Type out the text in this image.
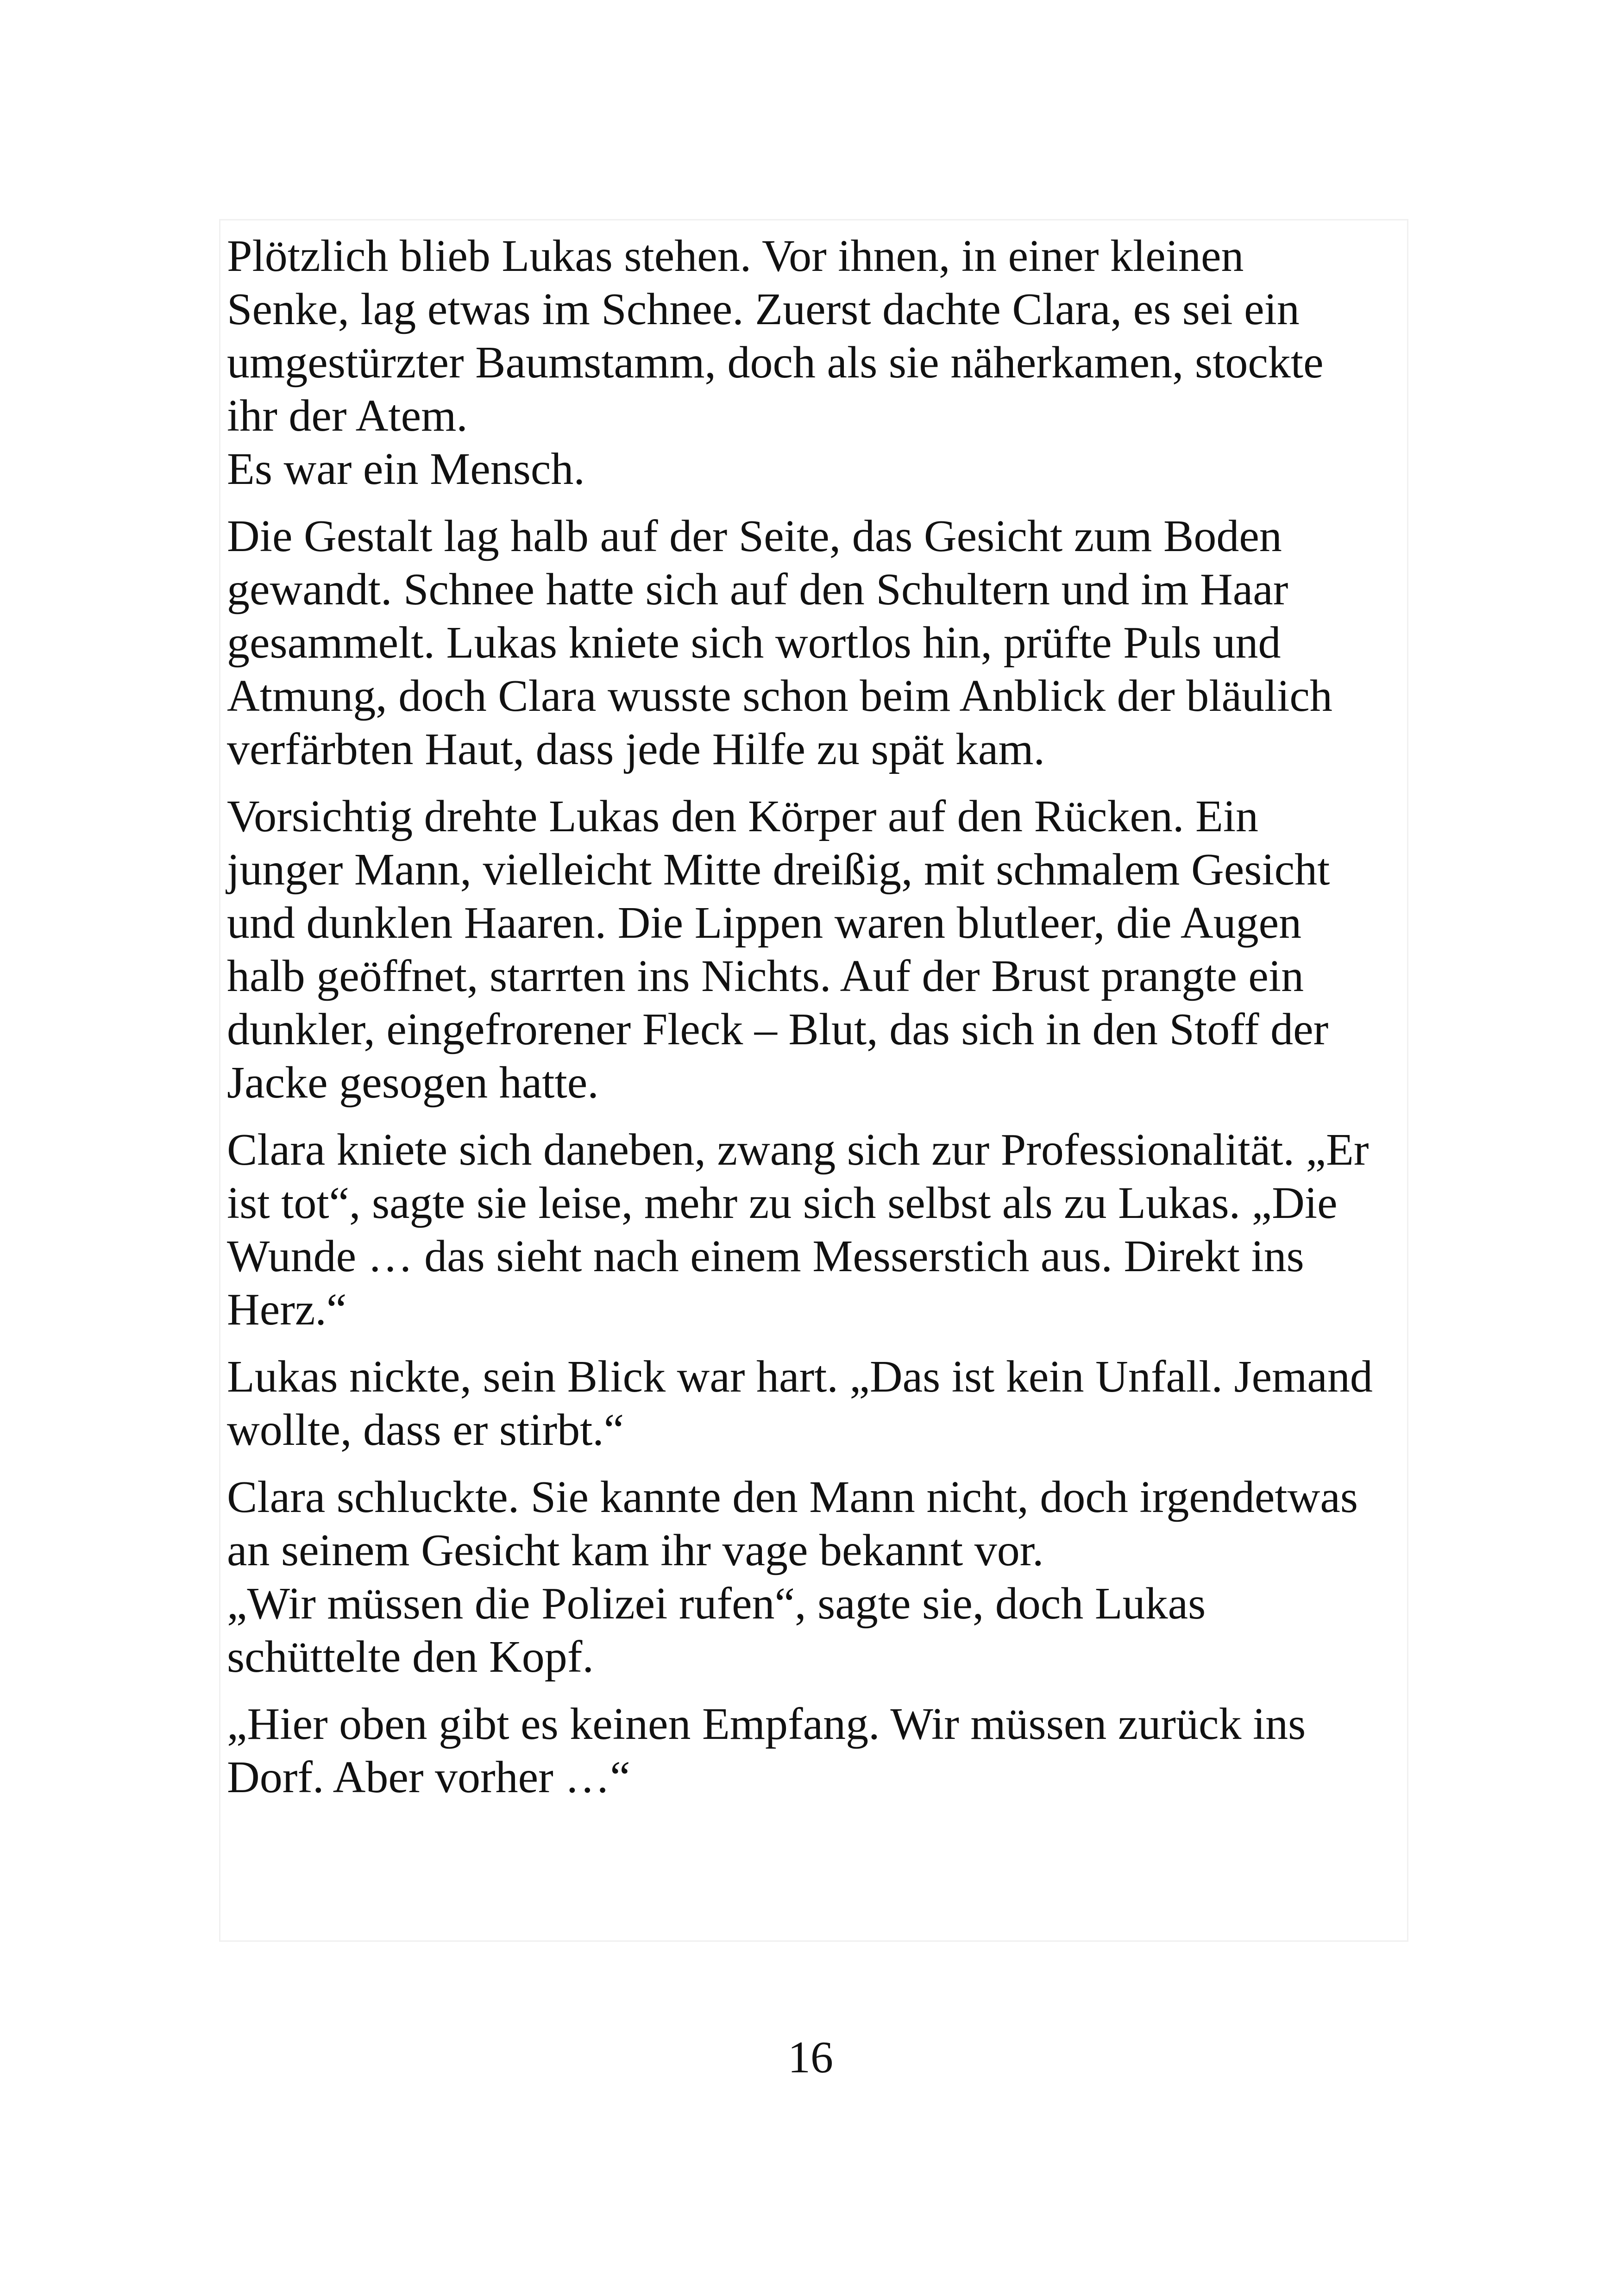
Plötzlich blieb Lukas stehen. Vor ihnen, in einer kleinen
Senke, lag etwas im Schnee. Zuerst dachte Clara, es sei ein
umgestürzter Baumstamm, doch als sie näherkamen, stockte
ihr der Atem.
Es war ein Mensch.

Die Gestalt lag halb auf der Seite, das Gesicht zum Boden
gewandt. Schnee hatte sich auf den Schultern und im Haar
gesammelt. Lukas kniete sich wortlos hin, prüfte Puls und
Atmung, doch Clara wusste schon beim Anblick der bläulich
verfärbten Haut, dass jede Hilfe zu spät kam.

Vorsichtig drehte Lukas den Körper auf den Rücken. Ein
junger Mann, vielleicht Mitte dreißig, mit schmalem Gesicht
und dunklen Haaren. Die Lippen waren blutleer, die Augen
halb geöffnet, starrten ins Nichts. Auf der Brust prangte ein
dunkler, eingefrorener Fleck – Blut, das sich in den Stoff der
Jacke gesogen hatte.

Clara kniete sich daneben, zwang sich zur Professionalität. „Er
ist tot“, sagte sie leise, mehr zu sich selbst als zu Lukas. „Die
Wunde … das sieht nach einem Messerstich aus. Direkt ins
Herz.“

Lukas nickte, sein Blick war hart. „Das ist kein Unfall. Jemand
wollte, dass er stirbt.“

Clara schluckte. Sie kannte den Mann nicht, doch irgendetwas
an seinem Gesicht kam ihr vage bekannt vor.
„Wir müssen die Polizei rufen“, sagte sie, doch Lukas
schüttelte den Kopf.

„Hier oben gibt es keinen Empfang. Wir müssen zurück ins
Dorf. Aber vorher …“

16
